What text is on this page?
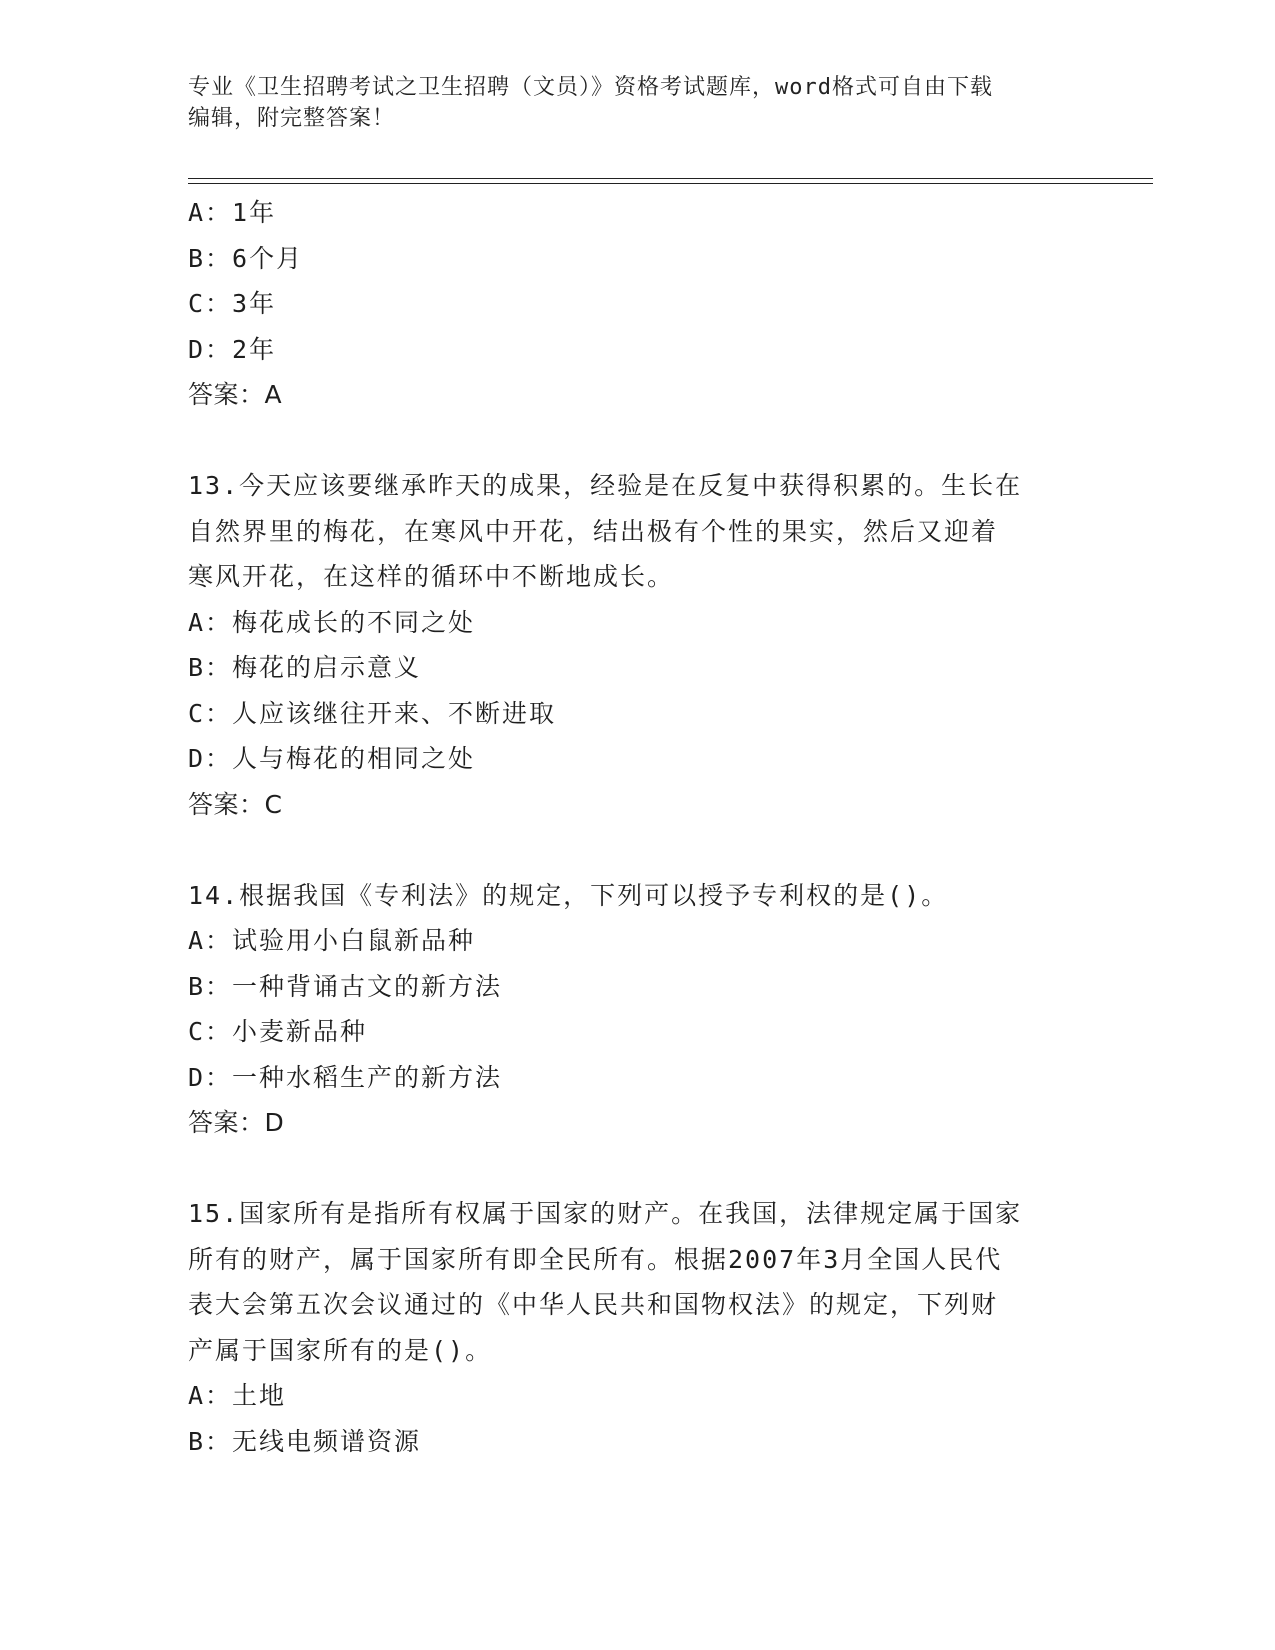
专业《卫生招聘考试之卫生招聘（文员）》资格考试题库，word格式可自由下载
编辑，附完整答案！
A：1年
B：6个月
C：3年
D：2年
答案：A
13.今天应该要继承昨天的成果，经验是在反复中获得积累的。生长在
自然界里的梅花，在寒风中开花，结出极有个性的果实，然后又迎着
寒风开花，在这样的循环中不断地成长。
A：梅花成长的不同之处
B：梅花的启示意义
C：人应该继往开来、不断进取
D：人与梅花的相同之处
答案：C
14.根据我国《专利法》的规定，下列可以授予专利权的是()。
A：试验用小白鼠新品种
B：一种背诵古文的新方法
C：小麦新品种
D：一种水稻生产的新方法
答案：D
15.国家所有是指所有权属于国家的财产。在我国，法律规定属于国家
所有的财产，属于国家所有即全民所有。根据2007年3月全国人民代
表大会第五次会议通过的《中华人民共和国物权法》的规定，下列财
产属于国家所有的是()。
A：土地
B：无线电频谱资源
